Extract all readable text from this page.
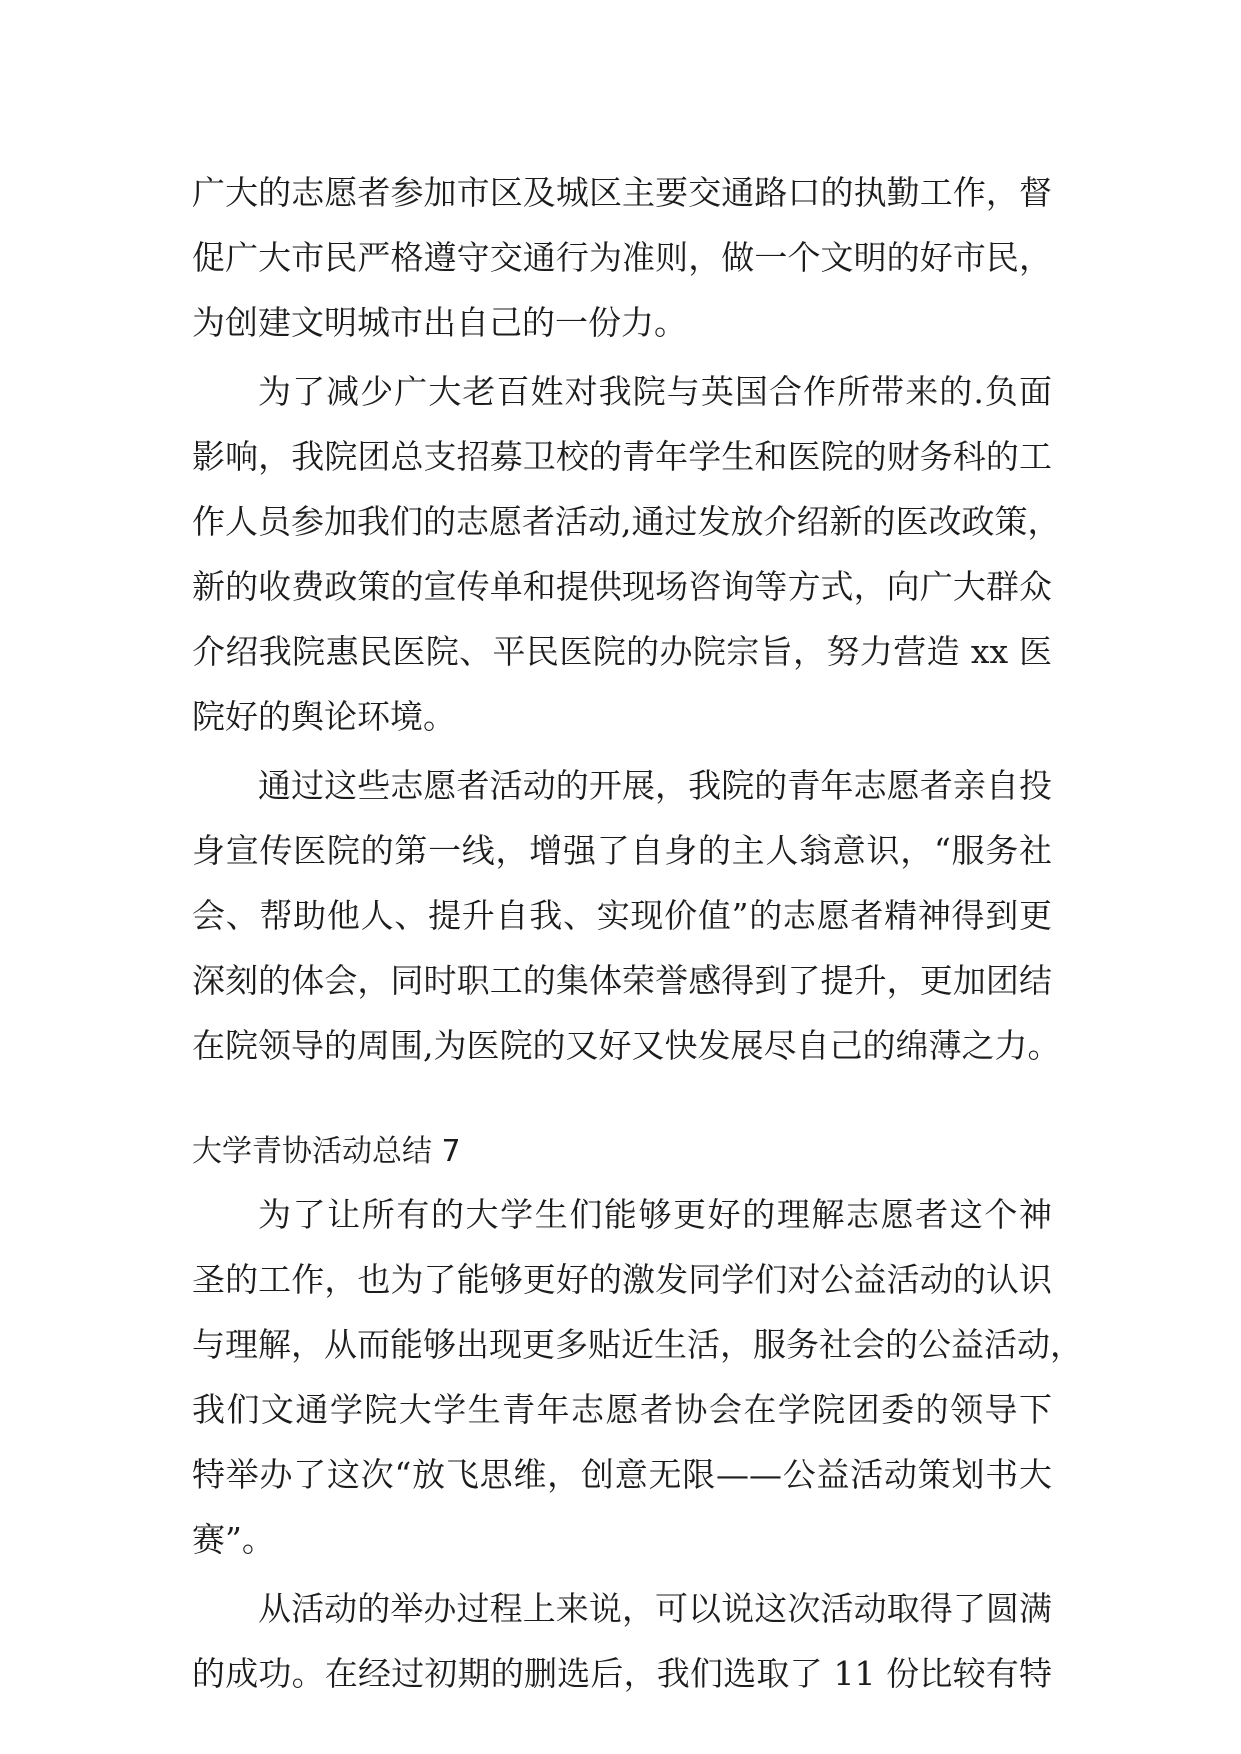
广大的志愿者参加市区及城区主要交通路口的执勤工作，督
促广大市民严格遵守交通行为准则，做一个文明的好市民，
为创建文明城市出自己的一份力。
为了减少广大老百姓对我院与英国合作所带来的.负面
影响，我院团总支招募卫校的青年学生和医院的财务科的工
作人员参加我们的志愿者活动,通过发放介绍新的医改政策，
新的收费政策的宣传单和提供现场咨询等方式，向广大群众
介绍我院惠民医院、平民医院的办院宗旨，努力营造 xx 医
院好的舆论环境。
通过这些志愿者活动的开展，我院的青年志愿者亲自投
身宣传医院的第一线，增强了自身的主人翁意识，“服务社
会、帮助他人、提升自我、实现价值”的志愿者精神得到更
深刻的体会，同时职工的集体荣誉感得到了提升，更加团结
在院领导的周围,为医院的又好又快发展尽自己的绵薄之力。
大学青协活动总结 7
为了让所有的大学生们能够更好的理解志愿者这个神
圣的工作，也为了能够更好的激发同学们对公益活动的认识
与理解，从而能够出现更多贴近生活，服务社会的公益活动，
我们文通学院大学生青年志愿者协会在学院团委的领导下
特举办了这次“放飞思维，创意无限——公益活动策划书大
赛”。
从活动的举办过程上来说，可以说这次活动取得了圆满
的成功。在经过初期的删选后，我们选取了 11 份比较有特
